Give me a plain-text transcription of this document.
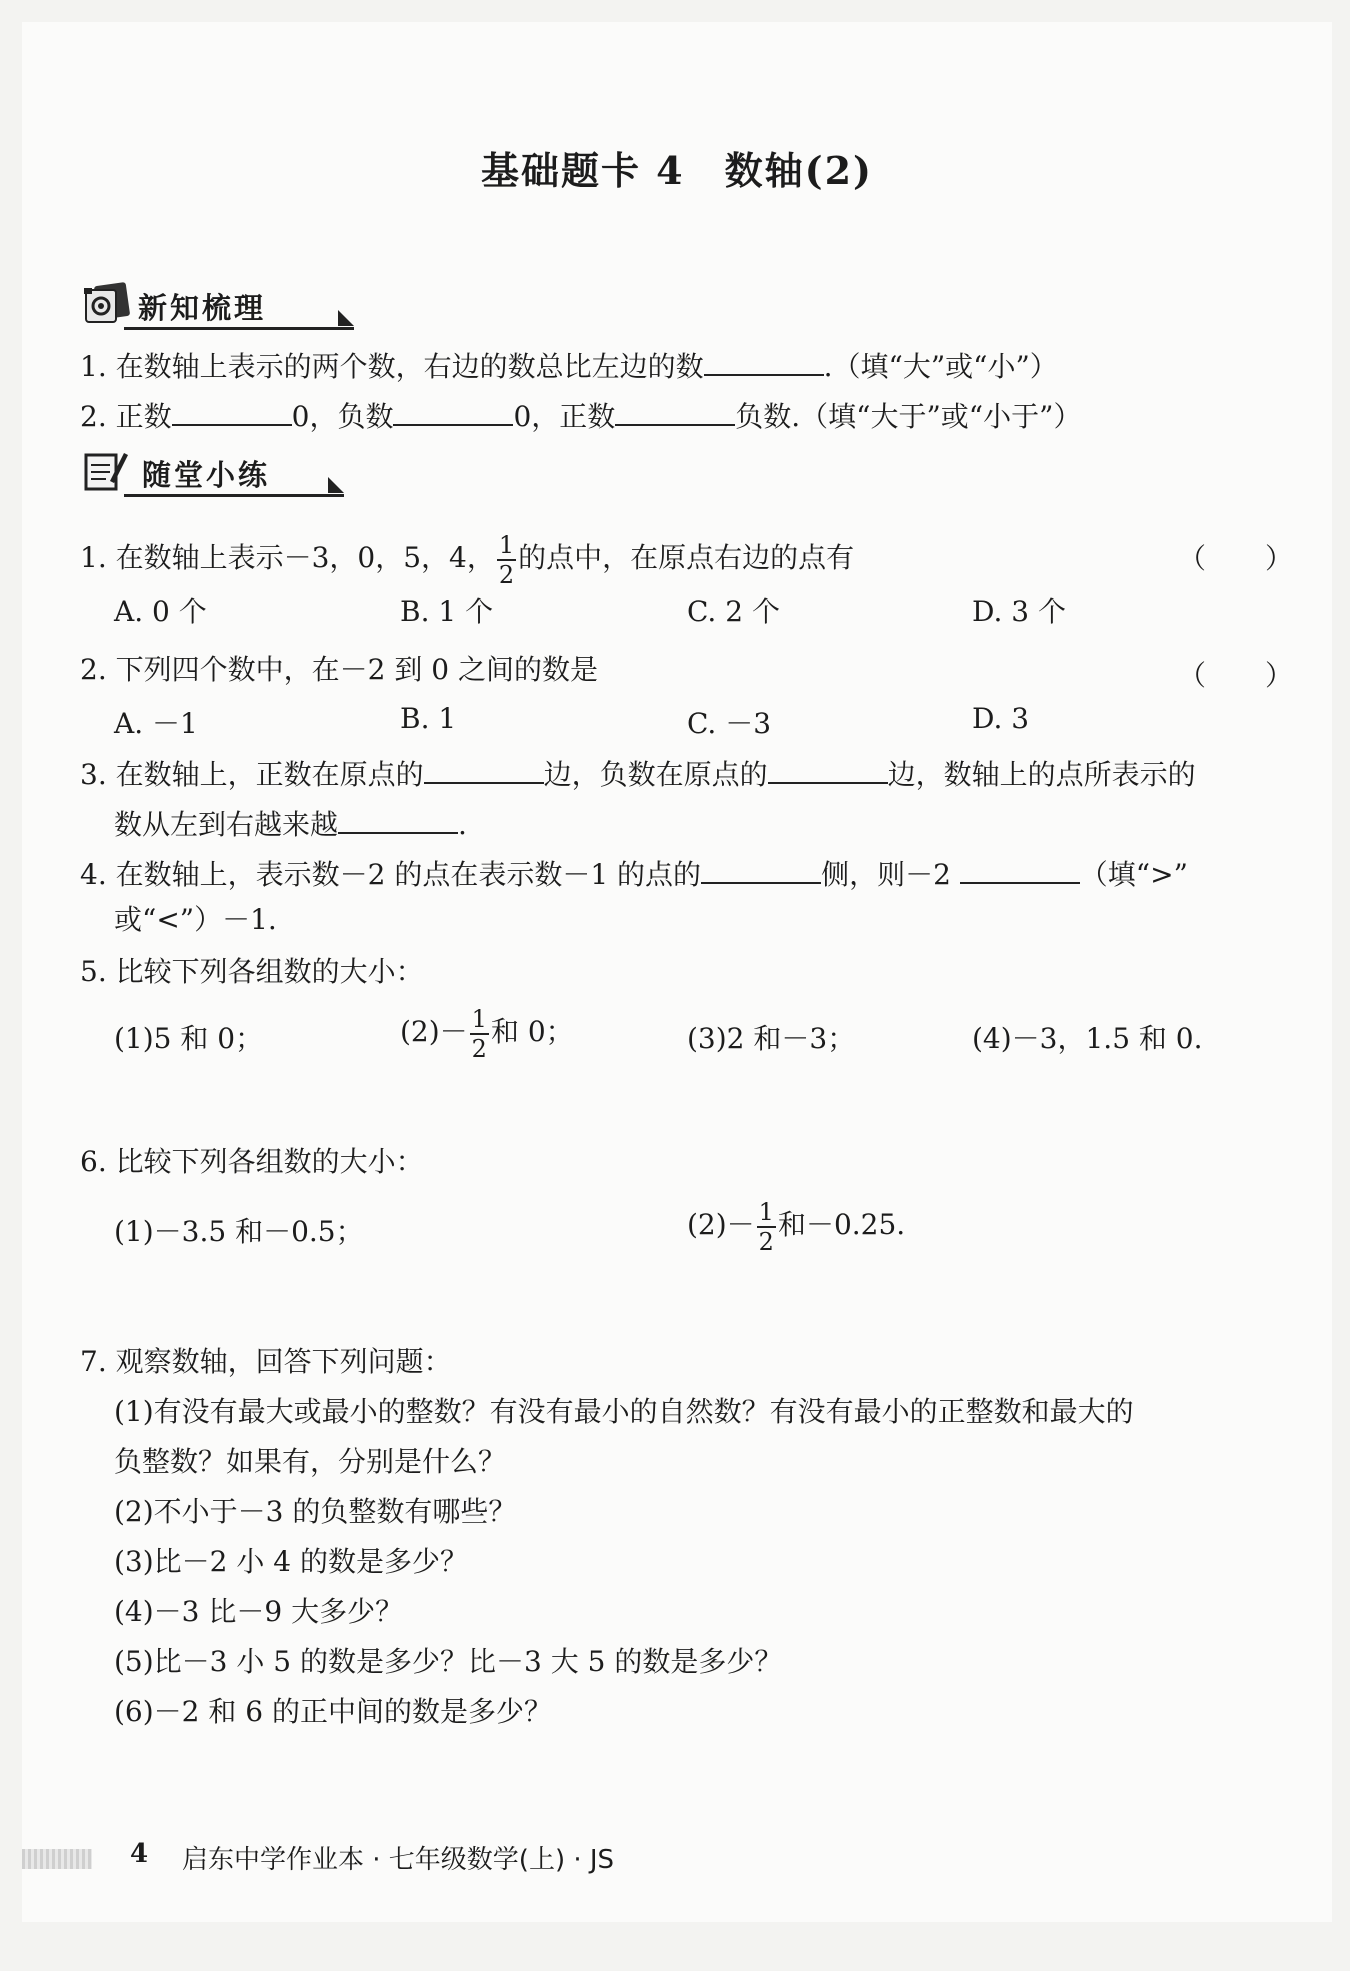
基础题卡 4 数轴(2)
新知梳理
1. 在数轴上表示的两个数，右边的数总比左边的数	.（填“大”或“小”）
2. 正数	0，负数	0，正数	负数.（填“大于”或“小于”）
随堂小练
1. 在数轴上表示－3，0，5，4， $\frac{1}{2}$ 的点中，在原点右边的点有	（　　）
A. 0 个	B. 1 个	C. 2 个	D. 3 个
2. 下列四个数中，在－2 到 0 之间的数是	（　　）
A. －1	B. 1	C. －3	D. 3
3. 在数轴上，正数在原点的	边，负数在原点的	边，数轴上的点所表示的
数从左到右越来越	.
4. 在数轴上，表示数－2 的点在表示数－1 的点的	侧，则－2	（填“>”
或“<”）－1.
5. 比较下列各组数的大小：
(1)5 和 0；	$(2)- \frac{1}{2}$ 和 0；	(3)2 和－3；	(4)－3，1.5 和 0.
6. 比较下列各组数的大小：
(1)－3.5 和－0.5；	$(2)- \frac{1}{2}$ 和－0.25.
7. 观察数轴，回答下列问题：
(1)有没有最大或最小的整数？有没有最小的自然数？有没有最小的正整数和最大的
负整数？如果有，分别是什么？
(2)不小于－3 的负整数有哪些？
(3)比－2 小 4 的数是多少？
(4)－3 比－9 大多少？
(5)比－3 小 5 的数是多少？比－3 大 5 的数是多少？
(6)－2 和 6 的正中间的数是多少？
4 启东中学作业本 · 七年级数学(上) · JS
